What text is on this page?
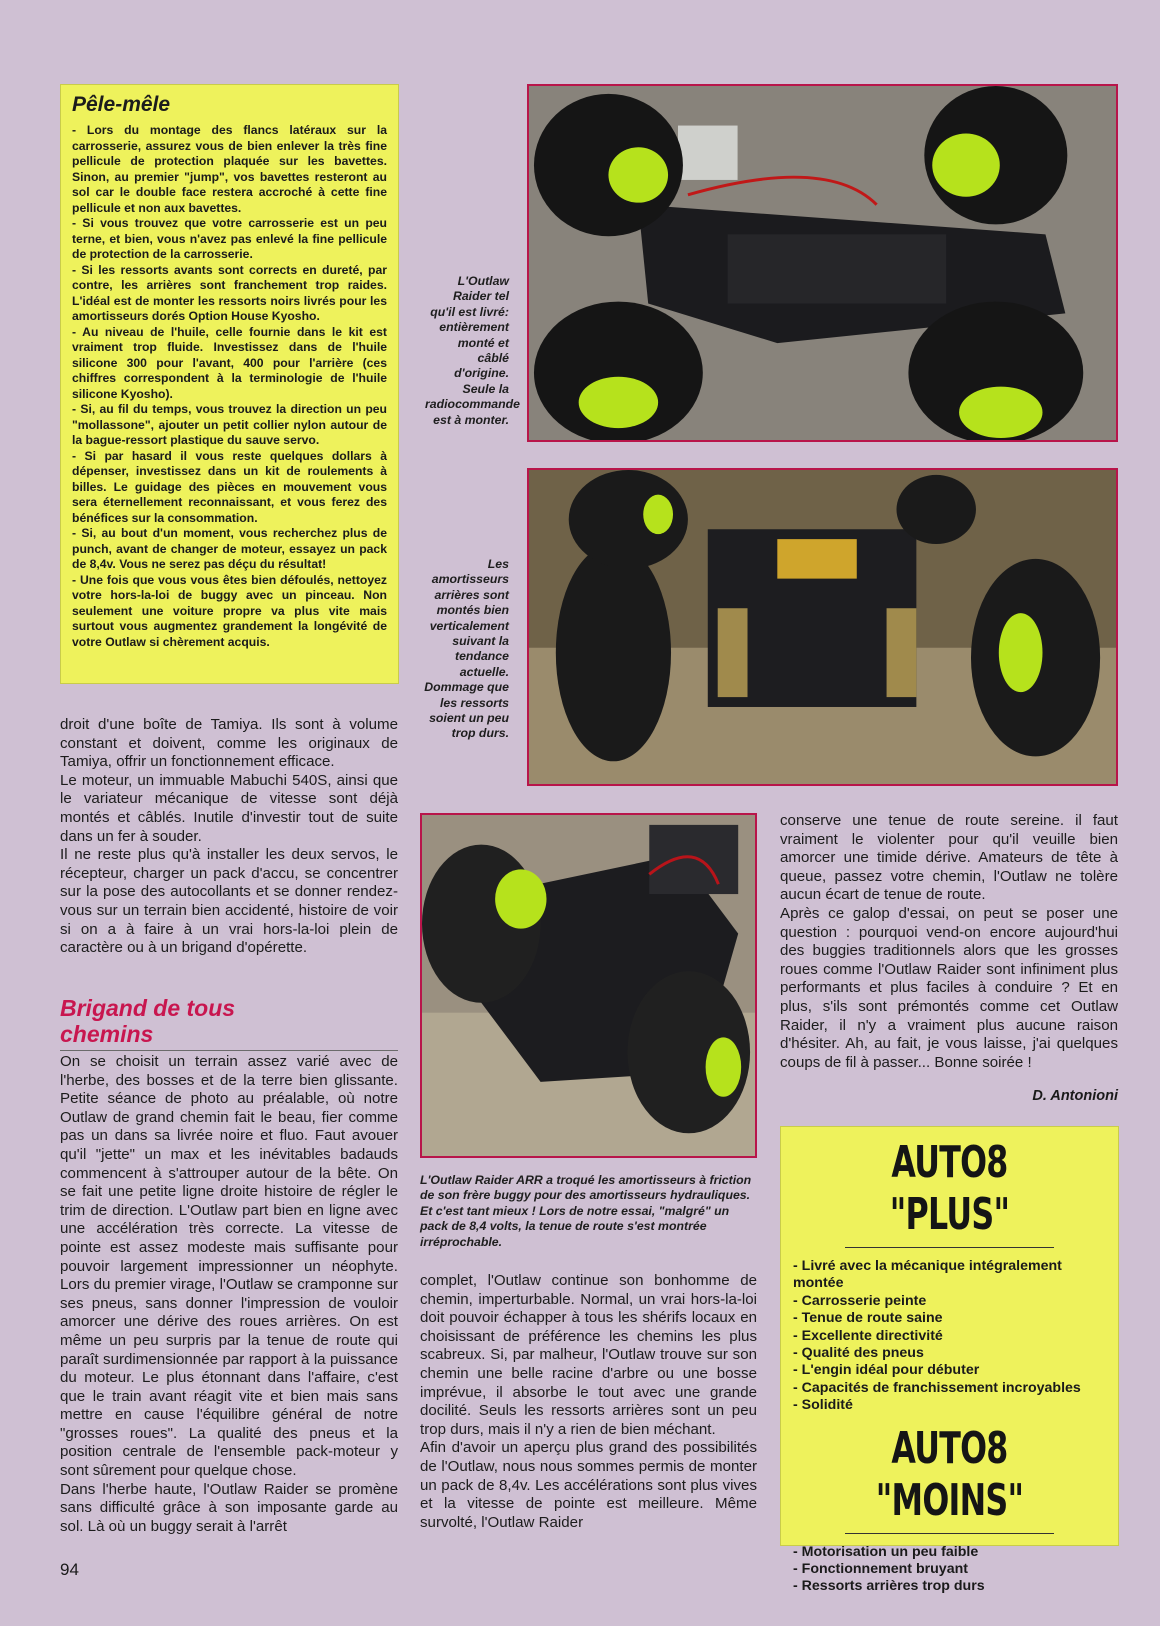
Pêle-mêle
- Lors du montage des flancs latéraux sur la carrosserie, assurez vous de bien enlever la très fine pellicule de protection plaquée sur les bavettes. Sinon, au premier "jump", vos bavettes resteront au sol car le double face restera accroché à cette fine pellicule et non aux bavettes.
- Si vous trouvez que votre carrosserie est un peu terne, et bien, vous n'avez pas enlevé la fine pellicule de protection de la carrosserie.
- Si les ressorts avants sont corrects en dureté, par contre, les arrières sont franchement trop raides. L'idéal est de monter les ressorts noirs livrés pour les amortisseurs dorés Option House Kyosho.
- Au niveau de l'huile, celle fournie dans le kit est vraiment trop fluide. Investissez dans de l'huile silicone 300 pour l'avant, 400 pour l'arrière (ces chiffres correspondent à la terminologie de l'huile silicone Kyosho).
- Si, au fil du temps, vous trouvez la direction un peu "mollassone", ajouter un petit collier nylon autour de la bague-ressort plastique du sauve servo.
- Si par hasard il vous reste quelques dollars à dépenser, investissez dans un kit de roulements à billes. Le guidage des pièces en mouvement vous sera éternellement reconnaissant, et vous ferez des bénéfices sur la consommation.
- Si, au bout d'un moment, vous recherchez plus de punch, avant de changer de moteur, essayez un pack de 8,4v. Vous ne serez pas déçu du résultat!
- Une fois que vous vous êtes bien défoulés, nettoyez votre hors-la-loi de buggy avec un pinceau. Non seulement une voiture propre va plus vite mais surtout vous augmentez grandement la longévité de votre Outlaw si chèrement acquis.
L'Outlaw Raider tel qu'il est livré: entièrement monté et câblé d'origine. Seule la radiocommande est à monter.
Les amortisseurs arrières sont montés bien verticalement suivant la tendance actuelle. Dommage que les ressorts soient un peu trop durs.

droit d'une boîte de Tamiya. Ils sont à volume constant et doivent, comme les originaux de Tamiya, offrir un fonctionnement efficace.

Le moteur, un immuable Mabuchi 540S, ainsi que le variateur mécanique de vitesse sont déjà montés et câblés. Inutile d'investir tout de suite dans un fer à souder.

Il ne reste plus qu'à installer les deux servos, le récepteur, charger un pack d'accu, se concentrer sur la pose des autocollants et se donner rendez-vous sur un terrain bien accidenté, histoire de voir si on a à faire à un vrai hors-la-loi plein de caractère ou à un brigand d'opérette.

Brigand de tous chemins

On se choisit un terrain assez varié avec de l'herbe, des bosses et de la terre bien glissante. Petite séance de photo au préalable, où notre Outlaw de grand chemin fait le beau, fier comme pas un dans sa livrée noire et fluo. Faut avouer qu'il "jette" un max et les inévitables badauds commencent à s'attrouper autour de la bête. On se fait une petite ligne droite histoire de régler le trim de direction. L'Outlaw part bien en ligne avec une accélération très correcte. La vitesse de pointe est assez modeste mais suffisante pour pouvoir largement impressionner un néophyte. Lors du premier virage, l'Outlaw se cramponne sur ses pneus, sans donner l'impression de vouloir amorcer une dérive des roues arrières. On est même un peu surpris par la tenue de route qui paraît surdimensionnée par rapport à la puissance du moteur. Le plus étonnant dans l'affaire, c'est que le train avant réagit vite et bien mais sans mettre en cause l'équilibre général de notre "grosses roues". La qualité des pneus et la position centrale de l'ensemble pack-moteur y sont sûrement pour quelque chose.

Dans l'herbe haute, l'Outlaw Raider se promène sans difficulté grâce à son imposante garde au sol. Là où un buggy serait à l'arrêt

L'Outlaw Raider ARR a troqué les amortisseurs à friction de son frère buggy pour des amortisseurs hydrauliques. Et c'est tant mieux ! Lors de notre essai, "malgré" un pack de 8,4 volts, la tenue de route s'est montrée irréprochable.

complet, l'Outlaw continue son bonhomme de chemin, imperturbable. Normal, un vrai hors-la-loi doit pouvoir échapper à tous les shérifs locaux en choisissant de préférence les chemins les plus scabreux. Si, par malheur, l'Outlaw trouve sur son chemin une belle racine d'arbre ou une bosse imprévue, il absorbe le tout avec une grande docilité. Seuls les ressorts arrières sont un peu trop durs, mais il n'y a rien de bien méchant.

Afin d'avoir un aperçu plus grand des possibilités de l'Outlaw, nous nous sommes permis de monter un pack de 8,4v. Les accélérations sont plus vives et la vitesse de pointe est meilleure. Même survolté, l'Outlaw Raider

conserve une tenue de route sereine. il faut vraiment le violenter pour qu'il veuille bien amorcer une timide dérive. Amateurs de tête à queue, passez votre chemin, l'Outlaw ne tolère aucun écart de tenue de route.

Après ce galop d'essai, on peut se poser une question : pourquoi vend-on encore aujourd'hui des buggies traditionnels alors que les grosses roues comme l'Outlaw Raider sont infiniment plus performants et plus faciles à conduire ? Et en plus, s'ils sont prémontés comme cet Outlaw Raider, il n'y a vraiment plus aucune raison d'hésiter. Ah, au fait, je vous laisse, j'ai quelques coups de fil à passer... Bonne soirée !

D. Antonioni
AUTO8 "PLUS"
- Livré avec la mécanique intégralement montée
- Carrosserie peinte
- Tenue de route saine
- Excellente directivité
- Qualité des pneus
- L'engin idéal pour débuter
- Capacités de franchissement incroyables
- Solidité
AUTO8 "MOINS"
- Motorisation un peu faible
- Fonctionnement bruyant
- Ressorts arrières trop durs
94
